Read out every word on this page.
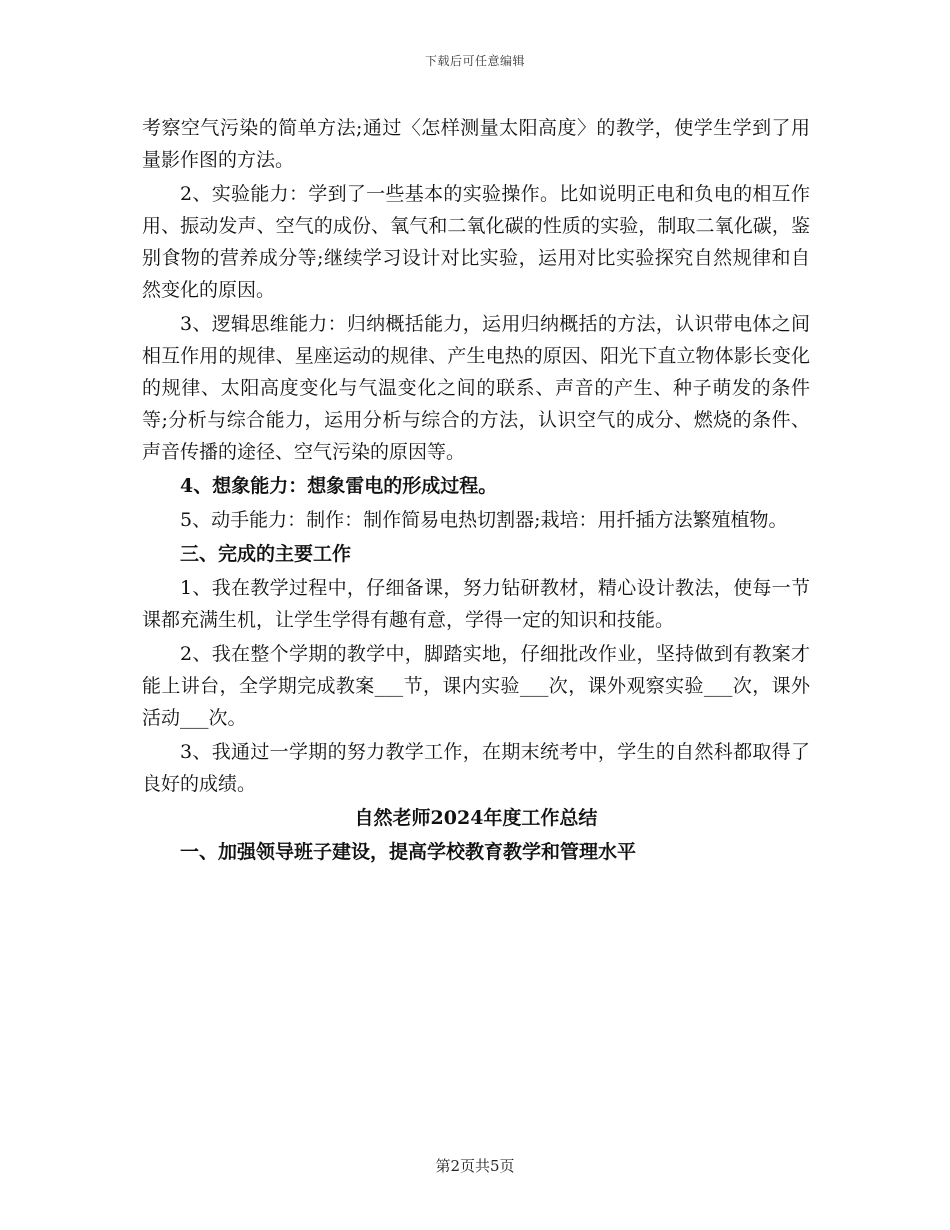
下载后可任意编辑

考察空气污染的简单方法;通过〈怎样测量太阳高度〉的教学，使学生学到了用量影作图的方法。

2、实验能力：学到了一些基本的实验操作。比如说明正电和负电的相互作用、振动发声、空气的成份、氧气和二氧化碳的性质的实验，制取二氧化碳，鉴别食物的营养成分等;继续学习设计对比实验，运用对比实验探究自然规律和自然变化的原因。

3、逻辑思维能力：归纳概括能力，运用归纳概括的方法，认识带电体之间相互作用的规律、星座运动的规律、产生电热的原因、阳光下直立物体影长变化的规律、太阳高度变化与气温变化之间的联系、声音的产生、种子萌发的条件等;分析与综合能力，运用分析与综合的方法，认识空气的成分、燃烧的条件、声音传播的途径、空气污染的原因等。

4、想象能力：想象雷电的形成过程。

5、动手能力：制作：制作简易电热切割器;栽培：用扦插方法繁殖植物。

三、完成的主要工作

1、我在教学过程中，仔细备课，努力钻研教材，精心设计教法，使每一节课都充满生机，让学生学得有趣有意，学得一定的知识和技能。

2、我在整个学期的教学中，脚踏实地，仔细批改作业，坚持做到有教案才能上讲台，全学期完成教案___节，课内实验___次，课外观察实验___次，课外活动___次。

3、我通过一学期的努力教学工作，在期末统考中，学生的自然科都取得了良好的成绩。

自然老师2024年度工作总结

一、加强领导班子建设，提高学校教育教学和管理水平

第2页共5页
